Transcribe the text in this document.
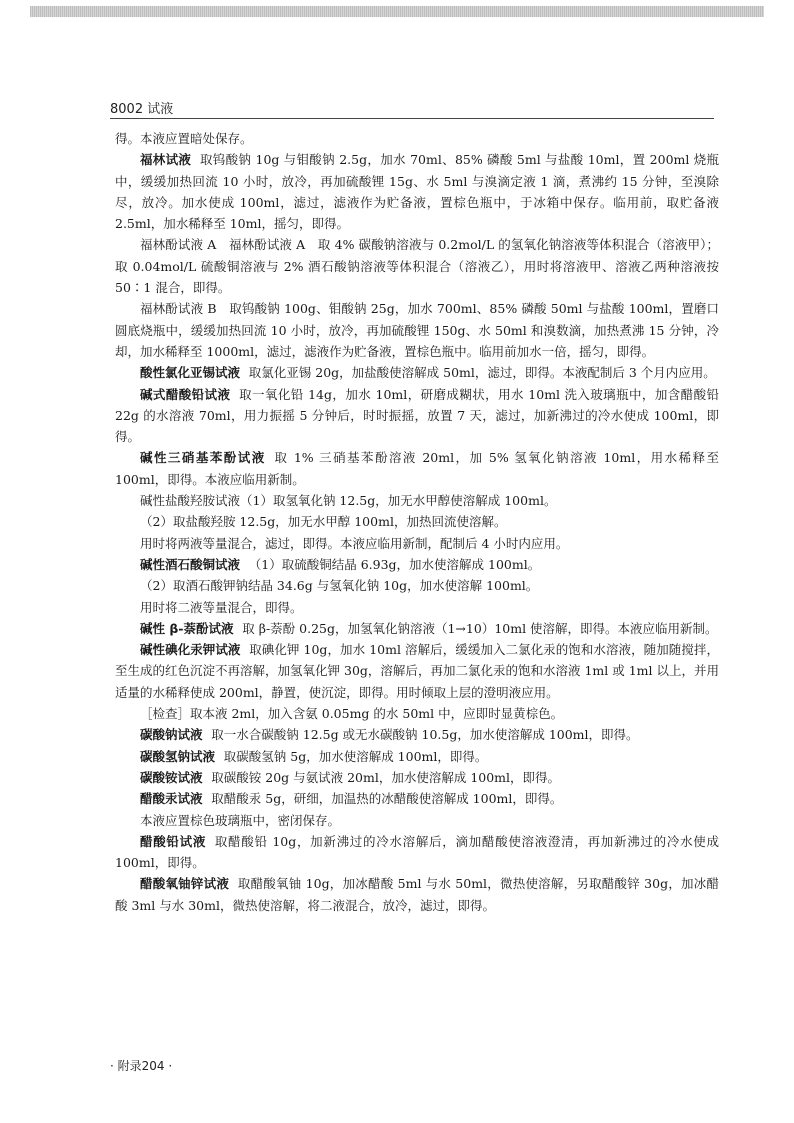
8002 试液

得。本液应置暗处保存。

福林试液 取钨酸钠 10g 与钼酸钠 2.5g，加水 70ml、85% 磷酸 5ml 与盐酸 10ml，置 200ml 烧瓶中，缓缓加热回流 10 小时，放冷，再加硫酸锂 15g、水 5ml 与溴滴定液 1 滴，煮沸约 15 分钟，至溴除尽，放冷。加水使成 100ml，滤过，滤液作为贮备液，置棕色瓶中，于冰箱中保存。临用前，取贮备液 2.5ml，加水稀释至 10ml，摇匀，即得。

福林酚试液 A　福林酚试液 A　取 4% 碳酸钠溶液与 0.2mol/L 的氢氧化钠溶液等体积混合（溶液甲）；取 0.04mol/L 硫酸铜溶液与 2% 酒石酸钠溶液等体积混合（溶液乙），用时将溶液甲、溶液乙两种溶液按 50∶1 混合，即得。

福林酚试液 B　取钨酸钠 100g、钼酸钠 25g，加水 700ml、85% 磷酸 50ml 与盐酸 100ml，置磨口圆底烧瓶中，缓缓加热回流 10 小时，放冷，再加硫酸锂 150g、水 50ml 和溴数滴，加热煮沸 15 分钟，冷却，加水稀释至 1000ml，滤过，滤液作为贮备液，置棕色瓶中。临用前加水一倍，摇匀，即得。

酸性氯化亚锡试液 取氯化亚锡 20g，加盐酸使溶解成 50ml，滤过，即得。本液配制后 3 个月内应用。

碱式醋酸铅试液 取一氧化铅 14g，加水 10ml，研磨成糊状，用水 10ml 洗入玻璃瓶中，加含醋酸铅 22g 的水溶液 70ml，用力振摇 5 分钟后，时时振摇，放置 7 天，滤过，加新沸过的冷水使成 100ml，即得。

碱性三硝基苯酚试液 取 1% 三硝基苯酚溶液 20ml，加 5% 氢氧化钠溶液 10ml，用水稀释至 100ml，即得。本液应临用新制。

碱性盐酸羟胺试液（1）取氢氧化钠 12.5g，加无水甲醇使溶解成 100ml。

（2）取盐酸羟胺 12.5g，加无水甲醇 100ml，加热回流使溶解。

用时将两液等量混合，滤过，即得。本液应临用新制，配制后 4 小时内应用。

碱性酒石酸铜试液 （1）取硫酸铜结晶 6.93g，加水使溶解成 100ml。

（2）取酒石酸钾钠结晶 34.6g 与氢氧化钠 10g，加水使溶解 100ml。

用时将二液等量混合，即得。

碱性 β-萘酚试液 取 β-萘酚 0.25g，加氢氧化钠溶液（1→10）10ml 使溶解，即得。本液应临用新制。

碱性碘化汞钾试液 取碘化钾 10g，加水 10ml 溶解后，缓缓加入二氯化汞的饱和水溶液，随加随搅拌，至生成的红色沉淀不再溶解，加氢氧化钾 30g，溶解后，再加二氯化汞的饱和水溶液 1ml 或 1ml 以上，并用适量的水稀释使成 200ml，静置，使沉淀，即得。用时倾取上层的澄明液应用。

［检查］取本液 2ml，加入含氨 0.05mg 的水 50ml 中，应即时显黄棕色。

碳酸钠试液 取一水合碳酸钠 12.5g 或无水碳酸钠 10.5g，加水使溶解成 100ml，即得。

碳酸氢钠试液 取碳酸氢钠 5g，加水使溶解成 100ml，即得。

碳酸铵试液 取碳酸铵 20g 与氨试液 20ml，加水使溶解成 100ml，即得。

醋酸汞试液 取醋酸汞 5g，研细，加温热的冰醋酸使溶解成 100ml，即得。

本液应置棕色玻璃瓶中，密闭保存。

醋酸铅试液 取醋酸铅 10g，加新沸过的冷水溶解后，滴加醋酸使溶液澄清，再加新沸过的冷水使成 100ml，即得。

醋酸氧铀锌试液 取醋酸氧铀 10g，加冰醋酸 5ml 与水 50ml，微热使溶解，另取醋酸锌 30g，加冰醋酸 3ml 与水 30ml，微热使溶解，将二液混合，放冷，滤过，即得。

· 附录204 ·
